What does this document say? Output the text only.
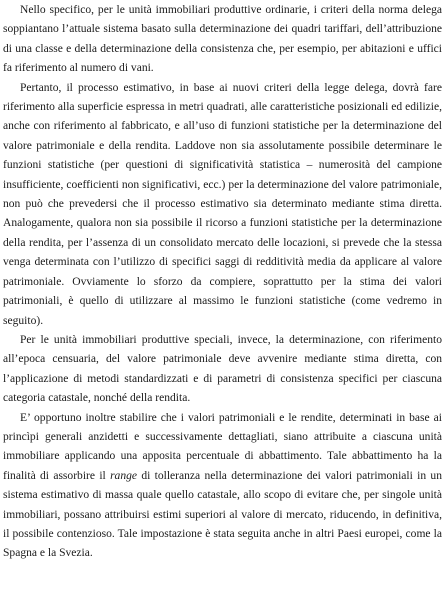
Nello specifico, per le unità immobiliari produttive ordinarie, i criteri della norma delega soppiantano l’attuale sistema basato sulla determinazione dei quadri tariffari, dell’attribuzione di una classe e della determinazione della consistenza che, per esempio, per abitazioni e uffici fa riferimento al numero di vani.

Pertanto, il processo estimativo, in base ai nuovi criteri della legge delega, dovrà fare riferimento alla superficie espressa in metri quadrati, alle caratteristiche posizionali ed edilizie, anche con riferimento al fabbricato, e all’uso di funzioni statistiche per la determinazione del valore patrimoniale e della rendita. Laddove non sia assolutamente possibile determinare le funzioni statistiche (per questioni di significatività statistica – numerosità del campione insufficiente, coefficienti non significativi, ecc.) per la determinazione del valore patrimoniale, non può che prevedersi che il processo estimativo sia determinato mediante stima diretta. Analogamente, qualora non sia possibile il ricorso a funzioni statistiche per la determinazione della rendita, per l’assenza di un consolidato mercato delle locazioni, si prevede che la stessa venga determinata con l’utilizzo di specifici saggi di redditività media da applicare al valore patrimoniale. Ovviamente lo sforzo da compiere, soprattutto per la stima dei valori patrimoniali, è quello di utilizzare al massimo le funzioni statistiche (come vedremo in seguito).

Per le unità immobiliari produttive speciali, invece, la determinazione, con riferimento all’epoca censuaria, del valore patrimoniale deve avvenire mediante stima diretta, con l’applicazione di metodi standardizzati e di parametri di consistenza specifici per ciascuna categoria catastale, nonché della rendita.

E’ opportuno inoltre stabilire che i valori patrimoniali e le rendite, determinati in base ai princìpi generali anzidetti e successivamente dettagliati, siano attribuite a ciascuna unità immobiliare applicando una apposita percentuale di abbattimento. Tale abbattimento ha la finalità di assorbire il range di tolleranza nella determinazione dei valori patrimoniali in un sistema estimativo di massa quale quello catastale, allo scopo di evitare che, per singole unità immobiliari, possano attribuirsi estimi superiori al valore di mercato, riducendo, in definitiva, il possibile contenzioso. Tale impostazione è stata seguita anche in altri Paesi europei, come la Spagna e la Svezia.
